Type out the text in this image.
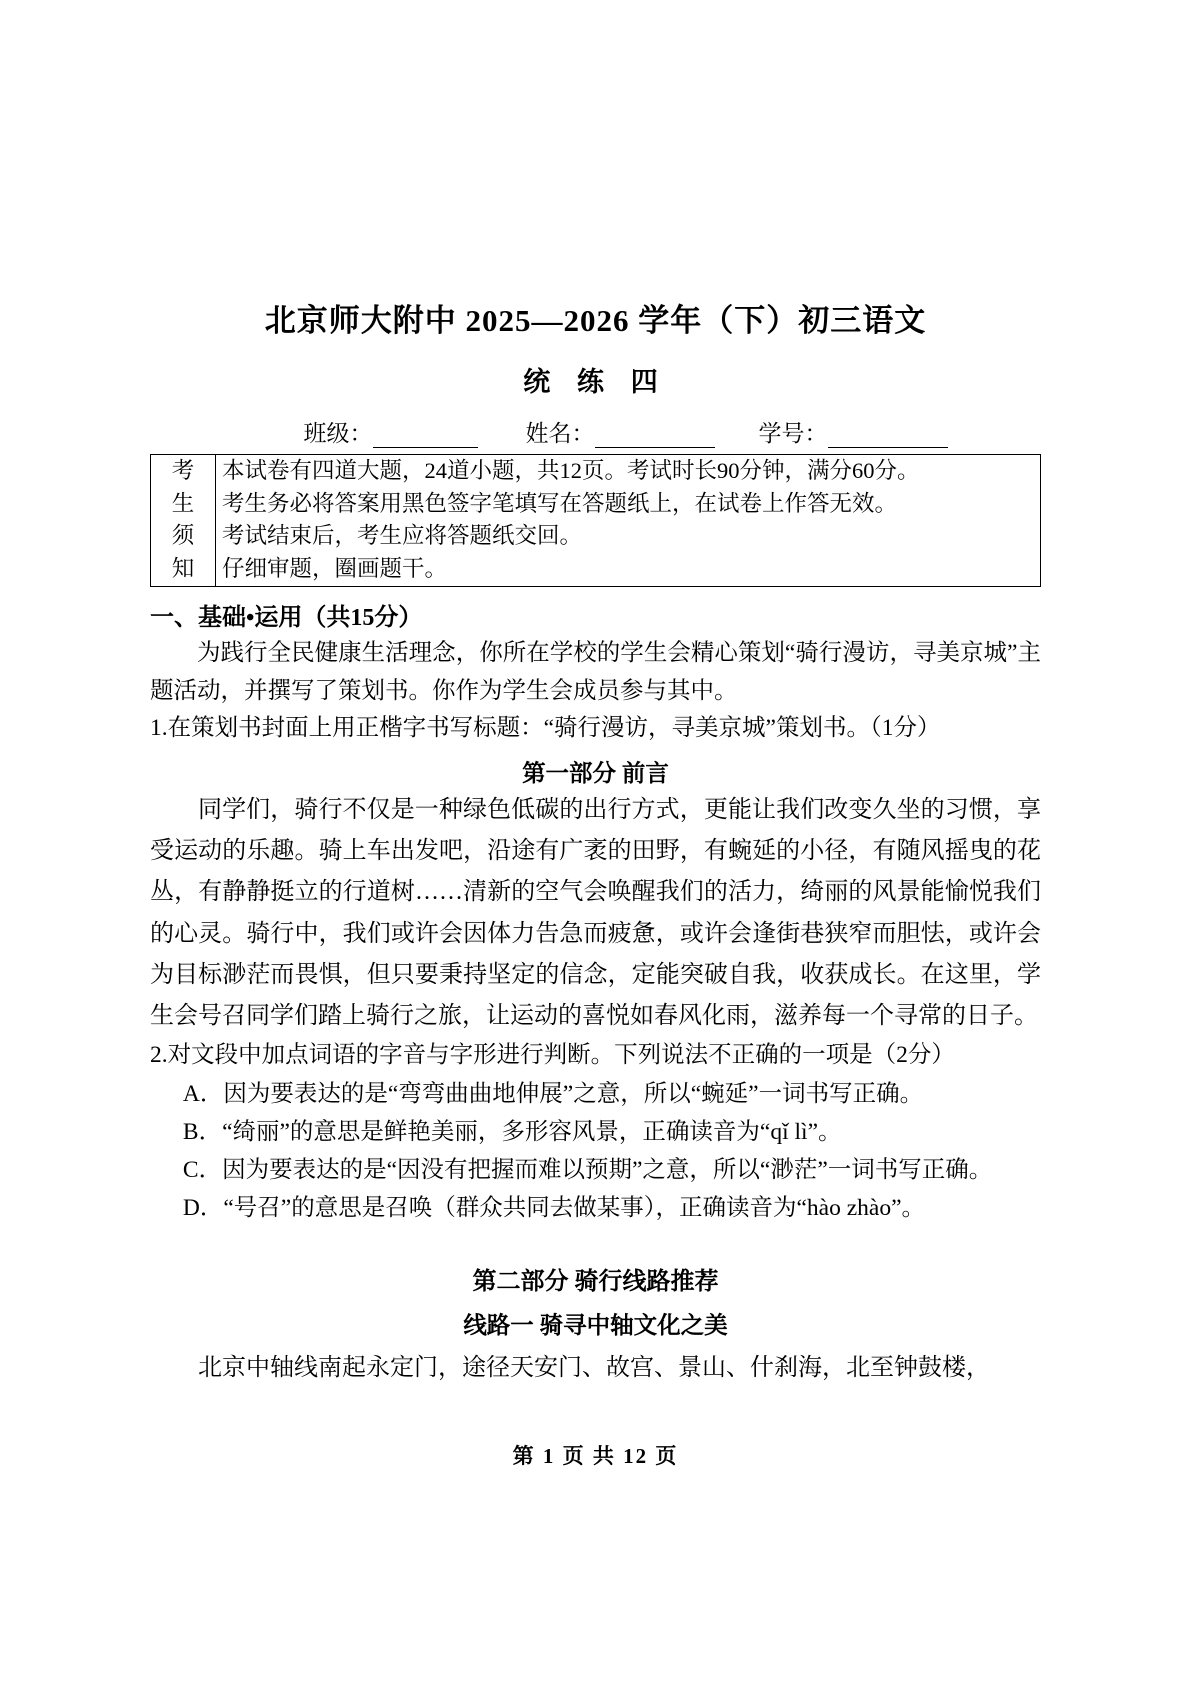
北京师大附中 2025—2026 学年（下）初三语文
统 练 四
班级：	姓名：	学号：
考	本试卷有四道大题，24道小题，共12页。考试时长90分钟，满分60分。
生	考生务必将答案用黑色签字笔填写在答题纸上，在试卷上作答无效。
须	考试结束后，考生应将答题纸交回。
知	仔细审题，圈画题干。
一、基础•运用（共15分）

为践行全民健康生活理念，你所在学校的学生会精心策划“骑行漫访，寻美京城”主题活动，并撰写了策划书。你作为学生会成员参与其中。

1.在策划书封面上用正楷字书写标题：“骑行漫访，寻美京城”策划书。（1分）

第一部分 前言

同学们，骑行不仅是一种绿色低碳的出行方式，更能让我们改变久坐的习惯，享受运动的乐趣。骑上车出发吧，沿途有广袤的田野，有蜿延的小径，有随风摇曳的花丛，有静静挺立的行道树……清新的空气会唤醒我们的活力，绮丽的风景能愉悦我们的心灵。骑行中，我们或许会因体力告急而疲惫，或许会逢街巷狭窄而胆怯，或许会为目标渺茫而畏惧，但只要秉持坚定的信念，定能突破自我，收获成长。在这里，学生会号召同学们踏上骑行之旅，让运动的喜悦如春风化雨，滋养每一个寻常的日子。

2.对文段中加点词语的字音与字形进行判断。下列说法不正确的一项是（2分）

A．因为要表达的是“弯弯曲曲地伸展”之意，所以“蜿延”一词书写正确。

B．“绮丽”的意思是鲜艳美丽，多形容风景，正确读音为“qǐ lì”。

C．因为要表达的是“因没有把握而难以预期”之意，所以“渺茫”一词书写正确。

D．“号召”的意思是召唤（群众共同去做某事），正确读音为“hào zhào”。

第二部分 骑行线路推荐
线路一 骑寻中轴文化之美

北京中轴线南起永定门，途径天安门、故宫、景山、什刹海，北至钟鼓楼，

第 1 页 共 12 页
